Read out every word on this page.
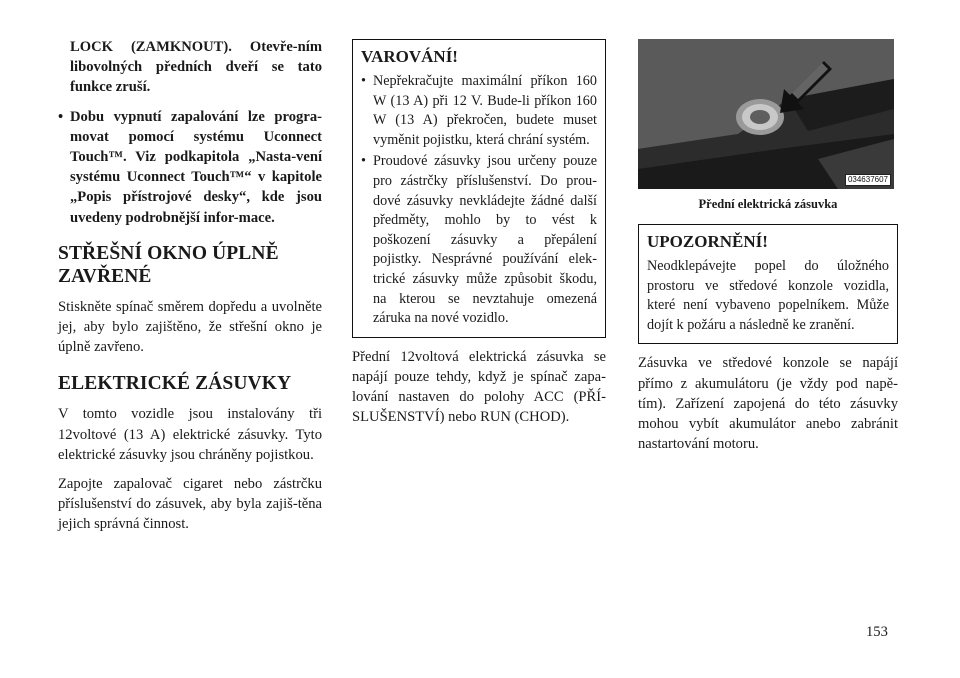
LOCK (ZAMKNOUT). Otevře-ním libovolných předních dveří se tato funkce zruší.

• Dobu vypnutí zapalování lze progra-movat pomocí systému Uconnect Touch™. Viz podkapitola „Nasta-vení systému Uconnect Touch™“ v kapitole „Popis přístrojové desky“, kde jsou uvedeny podrobnější infor-mace.

STŘEŠNÍ OKNO ÚPLNĚ ZAVŘENÉ

Stiskněte spínač směrem dopředu a uvolněte jej, aby bylo zajištěno, že střešní okno je úplně zavřeno.

ELEKTRICKÉ ZÁSUVKY

V tomto vozidle jsou instalovány tři 12voltové (13 A) elektrické zásuvky. Tyto elektrické zásuvky jsou chráněny pojistkou.

Zapojte zapalovač cigaret nebo zástrčku příslušenství do zásuvek, aby byla zajiš-těna jejich správná činnost.

VAROVÁNÍ!
• Nepřekračujte maximální příkon 160 W (13 A) při 12 V. Bude-li příkon 160 W (13 A) překročen, budete muset vyměnit pojistku, která chrání systém.
• Proudové zásuvky jsou určeny pouze pro zástrčky příslušenství. Do prou-dové zásuvky nevkládejte žádné další předměty, mohlo by to vést k poškození zásuvky a přepálení pojistky. Nesprávné používání elek-trické zásuvky může způsobit škodu, na kterou se nevztahuje omezená záruka na nové vozidlo.

Přední 12voltová elektrická zásuvka se napájí pouze tehdy, když je spínač zapa-lování nastaven do polohy ACC (PŘÍ-SLUŠENSTVÍ) nebo RUN (CHOD).

034637607
Přední elektrická zásuvka
UPOZORNĚNÍ!

Neodklepávejte popel do úložného prostoru ve středové konzole vozidla, které není vybaveno popelníkem. Může dojít k požáru a následně ke zranění.

Zásuvka ve středové konzole se napájí přímo z akumulátoru (je vždy pod napě-tím). Zařízení zapojená do této zásuvky mohou vybít akumulátor anebo zabránit nastartování motoru.

153
